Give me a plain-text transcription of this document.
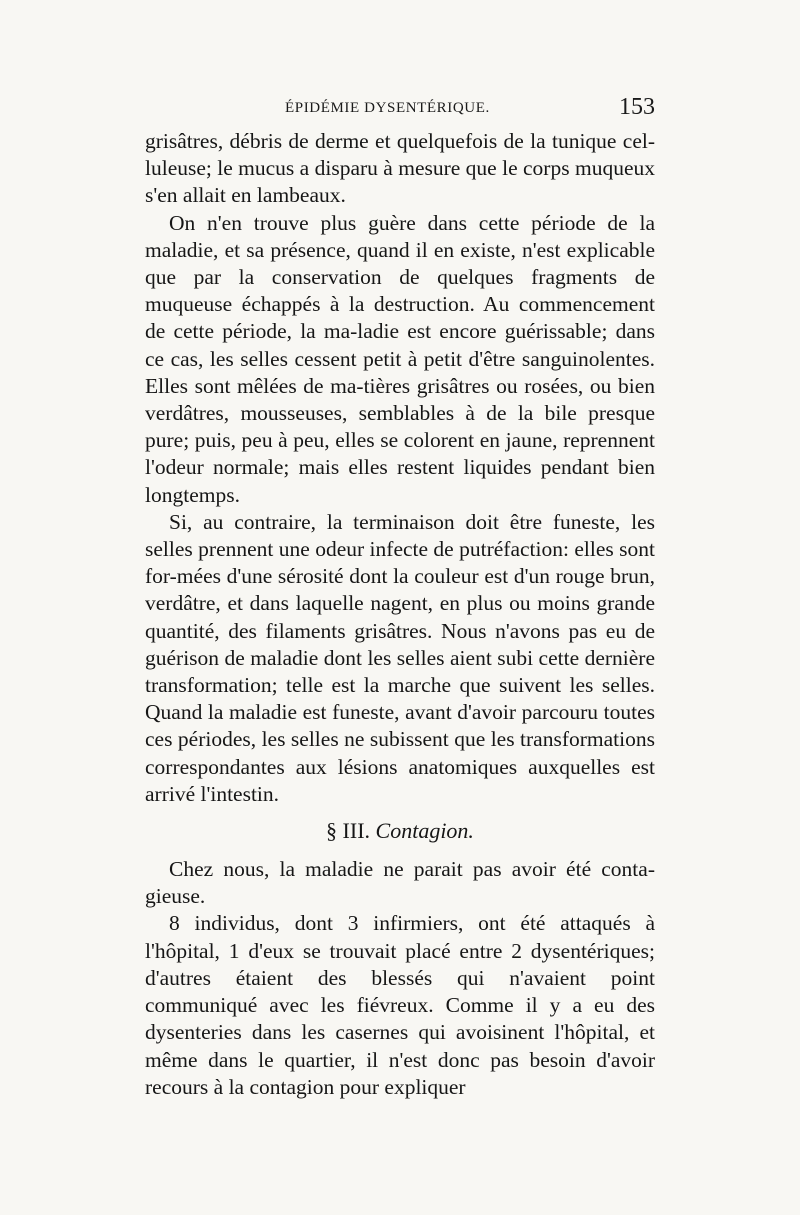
ÉPIDÉMIE DYSENTÉRIQUE.	153

grisâtres, débris de derme et quelquefois de la tunique cel-luleuse; le mucus a disparu à mesure que le corps muqueux s'en allait en lambeaux.

On n'en trouve plus guère dans cette période de la maladie, et sa présence, quand il en existe, n'est explicable que par la conservation de quelques fragments de muqueuse échappés à la destruction. Au commencement de cette période, la ma-ladie est encore guérissable; dans ce cas, les selles cessent petit à petit d'être sanguinolentes. Elles sont mêlées de ma-tières grisâtres ou rosées, ou bien verdâtres, mousseuses, semblables à de la bile presque pure; puis, peu à peu, elles se colorent en jaune, reprennent l'odeur normale; mais elles restent liquides pendant bien longtemps.

Si, au contraire, la terminaison doit être funeste, les selles prennent une odeur infecte de putréfaction: elles sont for-mées d'une sérosité dont la couleur est d'un rouge brun, verdâtre, et dans laquelle nagent, en plus ou moins grande quantité, des filaments grisâtres. Nous n'avons pas eu de guérison de maladie dont les selles aient subi cette dernière transformation; telle est la marche que suivent les selles. Quand la maladie est funeste, avant d'avoir parcouru toutes ces périodes, les selles ne subissent que les transformations correspondantes aux lésions anatomiques auxquelles est arrivé l'intestin.

§ III. Contagion.

Chez nous, la maladie ne parait pas avoir été conta-gieuse.

8 individus, dont 3 infirmiers, ont été attaqués à l'hôpital, 1 d'eux se trouvait placé entre 2 dysentériques; d'autres étaient des blessés qui n'avaient point communiqué avec les fiévreux. Comme il y a eu des dysenteries dans les casernes qui avoisinent l'hôpital, et même dans le quartier, il n'est donc pas besoin d'avoir recours à la contagion pour expliquer
